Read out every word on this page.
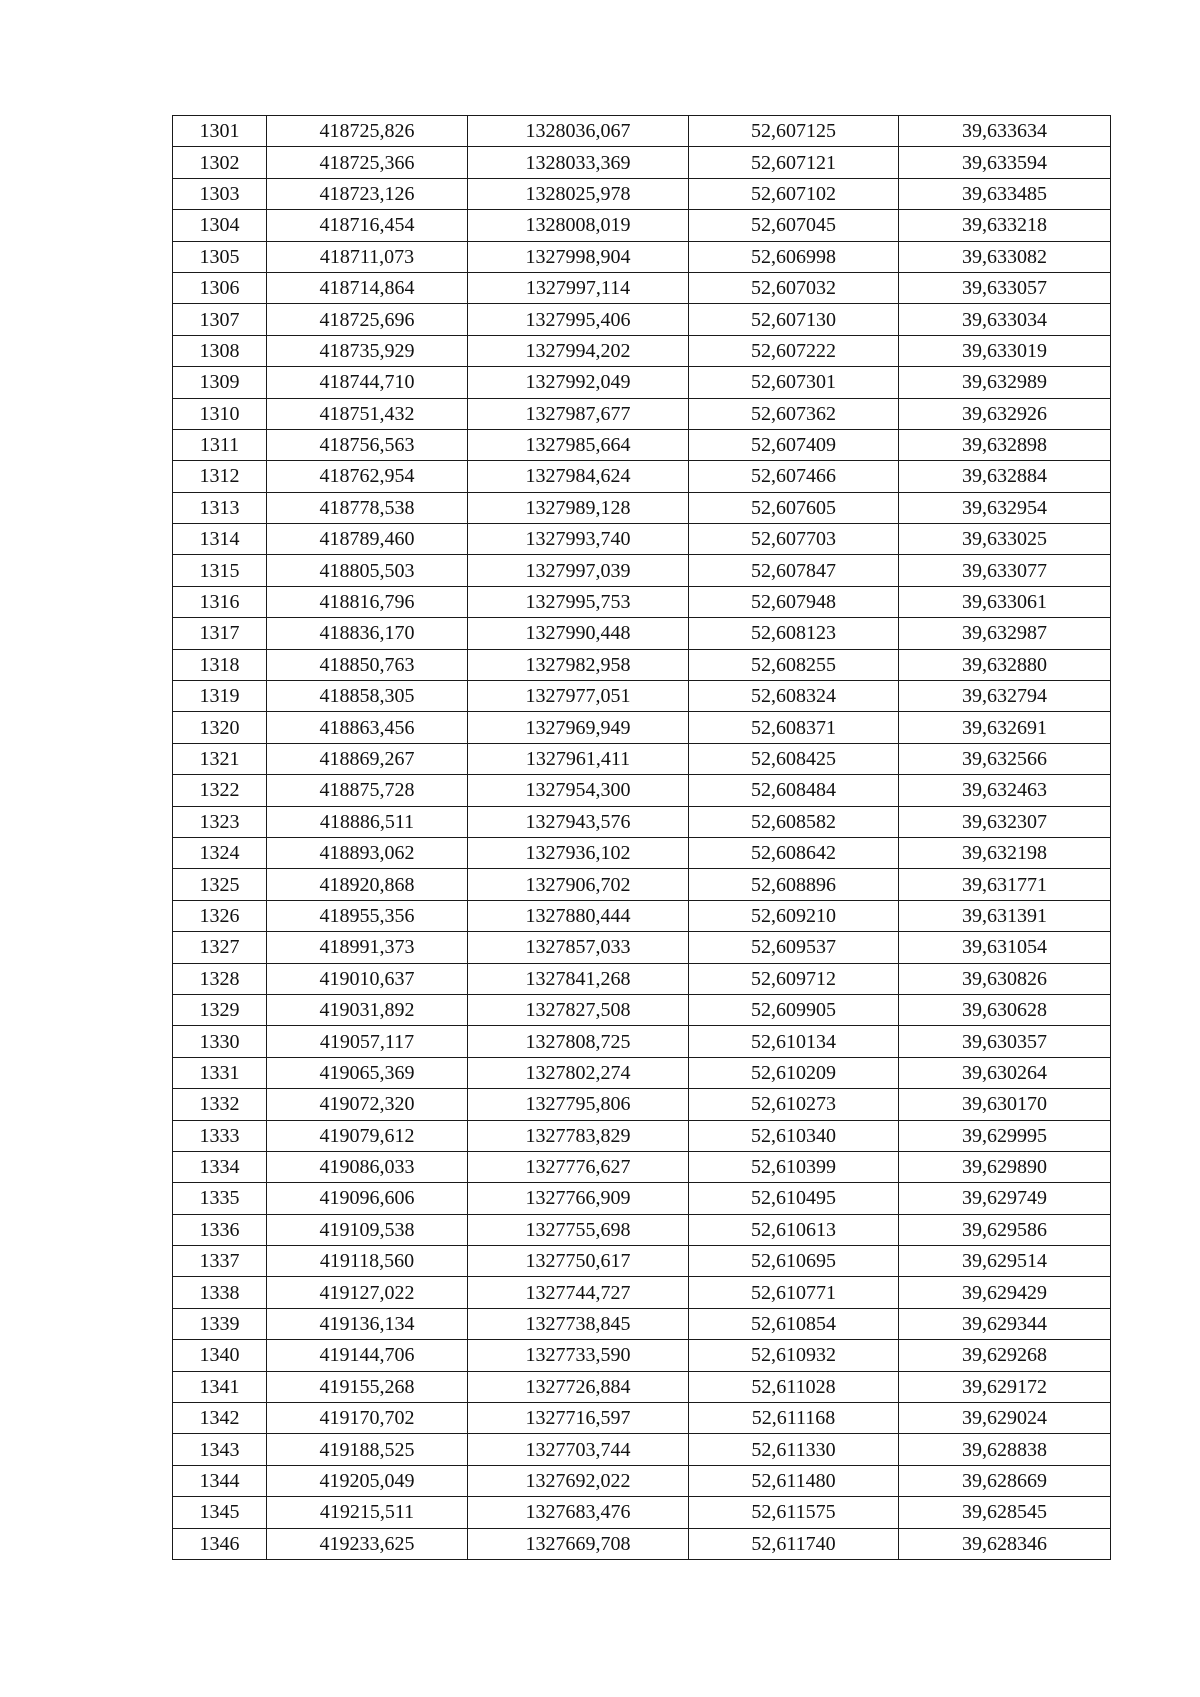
1301	418725,826	1328036,067	52,607125	39,633634
1302	418725,366	1328033,369	52,607121	39,633594
1303	418723,126	1328025,978	52,607102	39,633485
1304	418716,454	1328008,019	52,607045	39,633218
1305	418711,073	1327998,904	52,606998	39,633082
1306	418714,864	1327997,114	52,607032	39,633057
1307	418725,696	1327995,406	52,607130	39,633034
1308	418735,929	1327994,202	52,607222	39,633019
1309	418744,710	1327992,049	52,607301	39,632989
1310	418751,432	1327987,677	52,607362	39,632926
1311	418756,563	1327985,664	52,607409	39,632898
1312	418762,954	1327984,624	52,607466	39,632884
1313	418778,538	1327989,128	52,607605	39,632954
1314	418789,460	1327993,740	52,607703	39,633025
1315	418805,503	1327997,039	52,607847	39,633077
1316	418816,796	1327995,753	52,607948	39,633061
1317	418836,170	1327990,448	52,608123	39,632987
1318	418850,763	1327982,958	52,608255	39,632880
1319	418858,305	1327977,051	52,608324	39,632794
1320	418863,456	1327969,949	52,608371	39,632691
1321	418869,267	1327961,411	52,608425	39,632566
1322	418875,728	1327954,300	52,608484	39,632463
1323	418886,511	1327943,576	52,608582	39,632307
1324	418893,062	1327936,102	52,608642	39,632198
1325	418920,868	1327906,702	52,608896	39,631771
1326	418955,356	1327880,444	52,609210	39,631391
1327	418991,373	1327857,033	52,609537	39,631054
1328	419010,637	1327841,268	52,609712	39,630826
1329	419031,892	1327827,508	52,609905	39,630628
1330	419057,117	1327808,725	52,610134	39,630357
1331	419065,369	1327802,274	52,610209	39,630264
1332	419072,320	1327795,806	52,610273	39,630170
1333	419079,612	1327783,829	52,610340	39,629995
1334	419086,033	1327776,627	52,610399	39,629890
1335	419096,606	1327766,909	52,610495	39,629749
1336	419109,538	1327755,698	52,610613	39,629586
1337	419118,560	1327750,617	52,610695	39,629514
1338	419127,022	1327744,727	52,610771	39,629429
1339	419136,134	1327738,845	52,610854	39,629344
1340	419144,706	1327733,590	52,610932	39,629268
1341	419155,268	1327726,884	52,611028	39,629172
1342	419170,702	1327716,597	52,611168	39,629024
1343	419188,525	1327703,744	52,611330	39,628838
1344	419205,049	1327692,022	52,611480	39,628669
1345	419215,511	1327683,476	52,611575	39,628545
1346	419233,625	1327669,708	52,611740	39,628346
